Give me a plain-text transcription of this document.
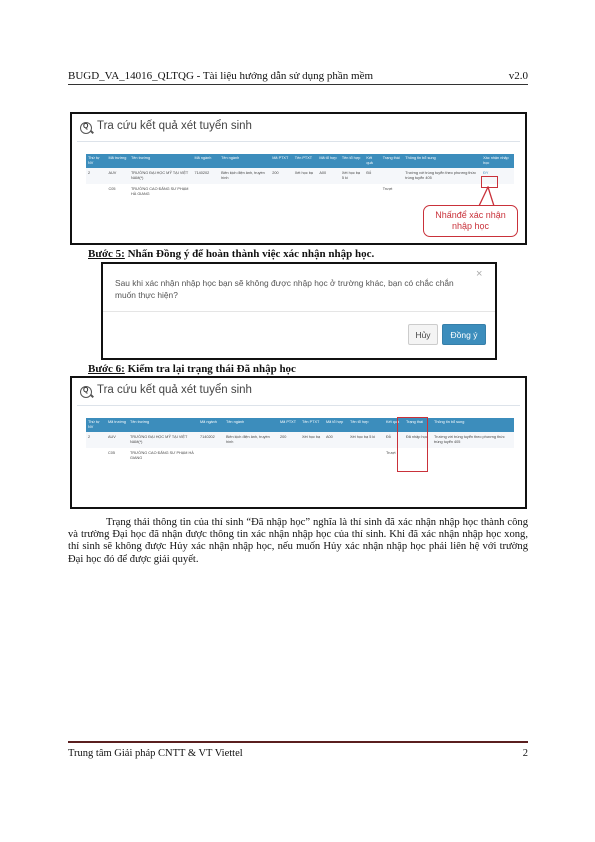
BUGD_VA_14016_QLTQG - Tài liệu hướng dẫn sử dụng phần mềm	v2.0
Q Tra cứu kết quả xét tuyển sinh
Thứ tự NV	Mã trường	Tên trường	Mã ngành	Tên ngành	Mã PTXT	Tên PTXT	Mã tổ hợp	Tên tổ hợp	Kết quả	Trạng thái	Thông tin bổ sung	Xác nhận nhập học
2	AUV	TRƯỜNG ĐẠI HỌC MỸ TẠI VIỆT NAM(*)	7140202	Biên kịch điện ảnh, truyền hình	200	Xét học bạ	A00	Xét học bạ 5 kì	Đỗ		Trường với trúng tuyển theo phương thức trúng tuyển 405	ĐY
	C05	TRƯỜNG CAO ĐẲNG SƯ PHẠM HÀ GIANG								Trượt		
Nhấnđể xác nhận nhập học
Bước 5: Nhấn Đồng ý để hoàn thành việc xác nhận nhập học.
Sau khi xác nhận nhập học bạn sẽ không được nhập học ở trường khác, bạn có chắc chắn muốn thực hiện?
×
Hủy	Đồng ý
Bước 6: Kiểm tra lại trạng thái Đã nhập học
Q Tra cứu kết quả xét tuyển sinh
Thứ tự NV	Mã trường	Tên trường	Mã ngành	Tên ngành	Mã PTXT	Tên PTXT	Mã tổ hợp	Tên tổ hợp	Kết quả	Trạng thái	Thông tin bổ sung
2	AUV	TRƯỜNG ĐẠI HỌC MỸ TẠI VIỆT NAM(*)	7140202	Biên kịch điện ảnh, truyền hình	200	Xét học bạ	A00	Xét học bạ 5 kì	Đỗ	Đã nhập học	Trường với trúng tuyển theo phương thức trúng tuyển 405
	C05	TRƯỜNG CAO ĐẲNG SƯ PHẠM HÀ GIANG							Trượt		
Trạng thái thông tin của thí sinh “Đã nhập học” nghĩa là thí sinh đã xác nhận nhập học thành công và trường Đại học đã nhận được thông tin xác nhận nhập học của thí sinh. Khi đã xác nhận nhập học xong, thí sinh sẽ không được Hủy xác nhận nhập học, nếu muốn Hủy xác nhận nhập học phải liên hệ với trường Đại học đó để được giải quyết.
Trung tâm Giải pháp CNTT & VT Viettel	2
